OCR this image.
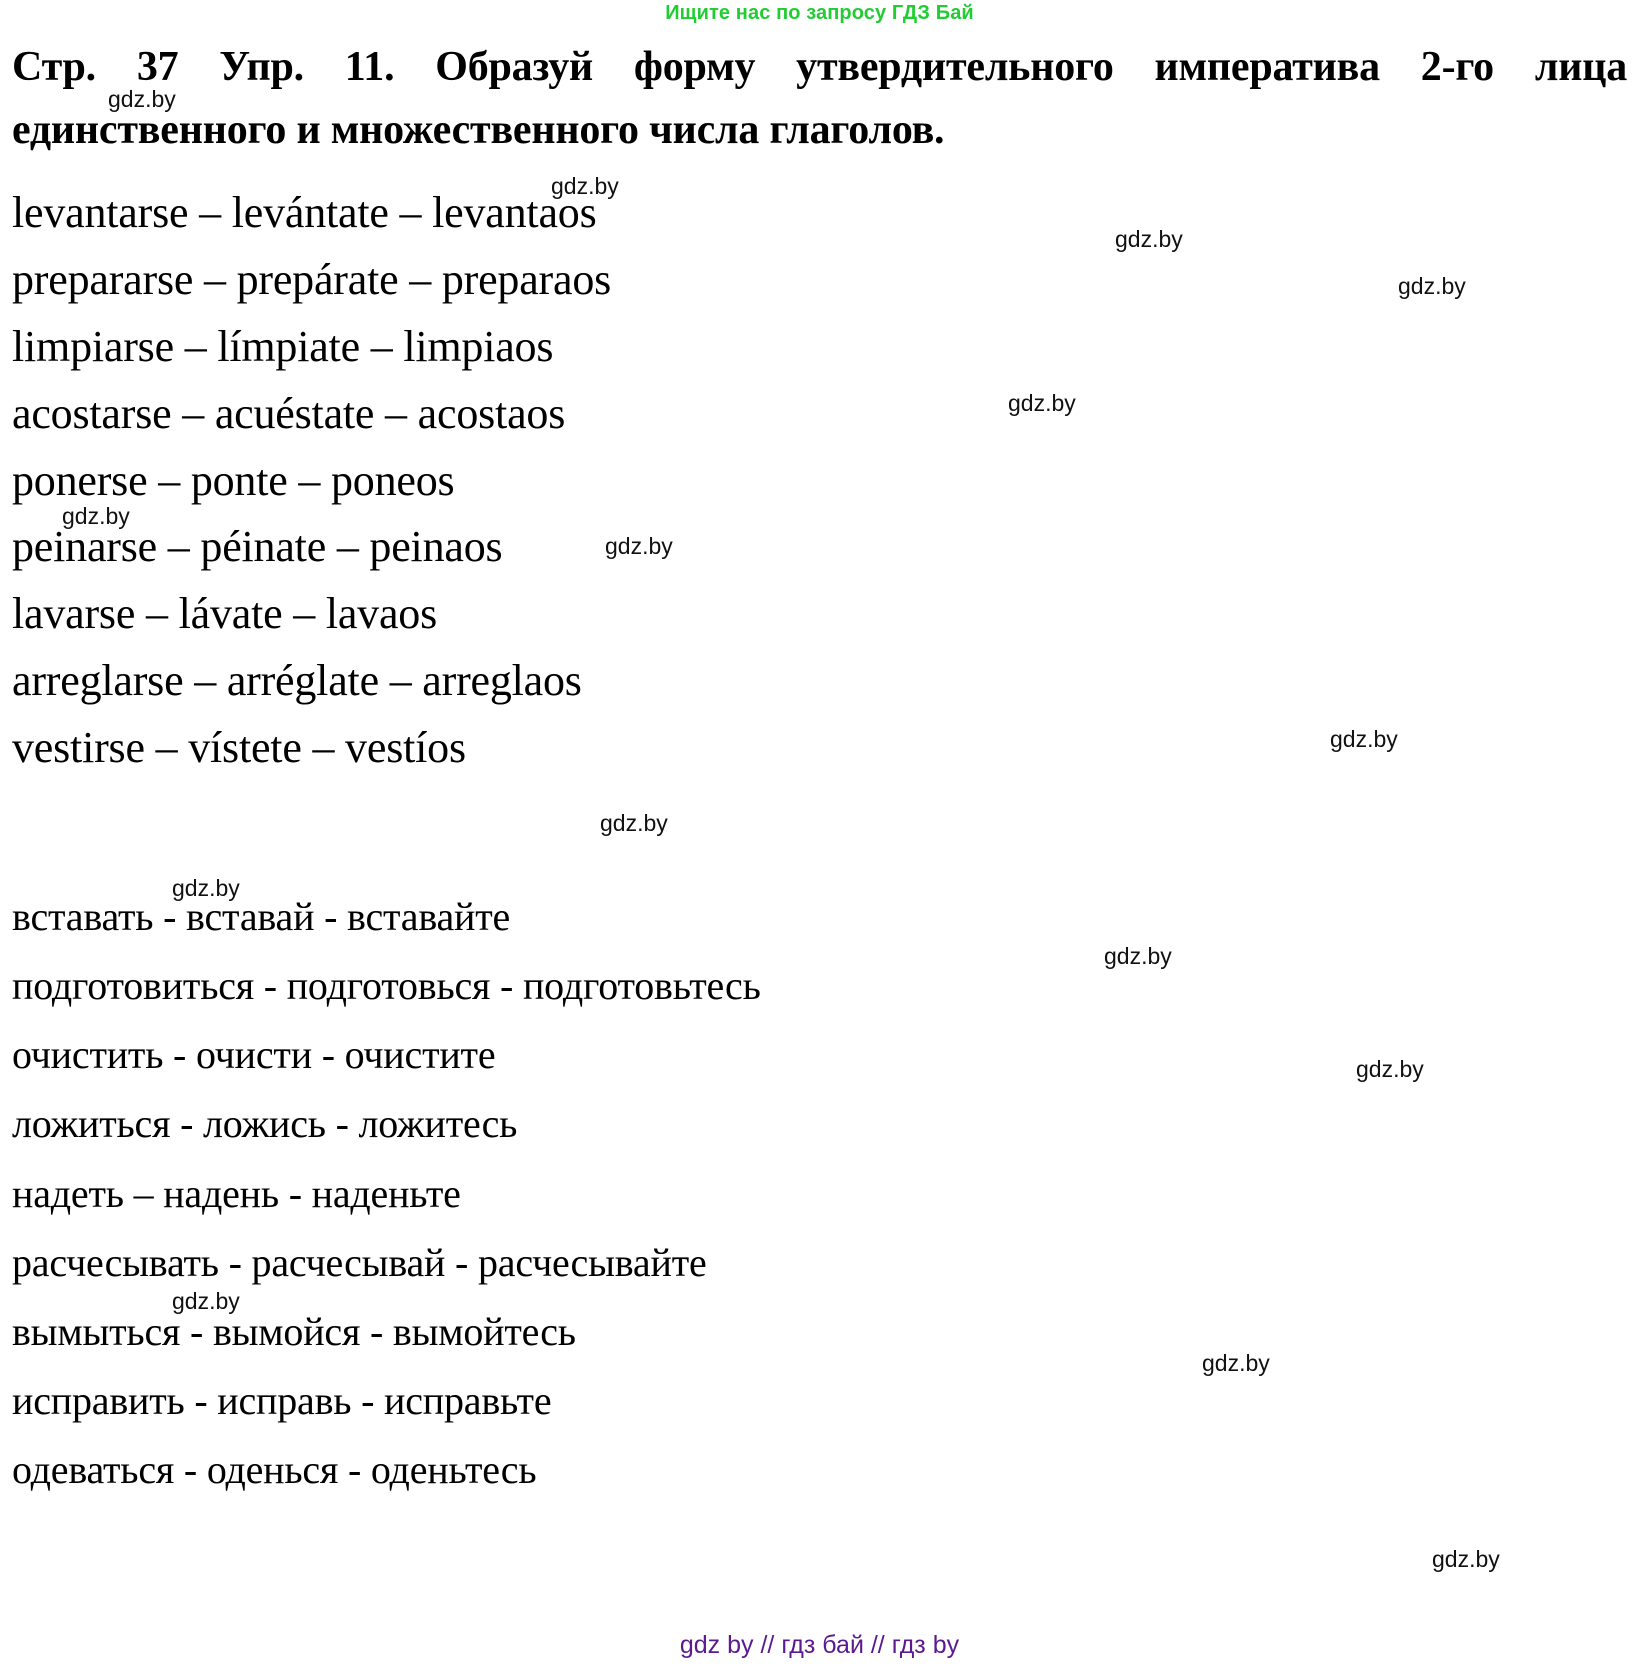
Ищите нас по запросу ГДЗ Бай

Стр. 37 Упр. 11. Образуй форму утвердительного императива 2-го лица единственного и множественного числа глаголов.

levantarse – levántate – levantaos
prepararse – prepárate – preparaos
limpiarse – límpiate – limpiaos
acostarse – acuéstate – acostaos
ponerse – ponte – poneos
peinarse – péinate – peinaos
lavarse – lávate – lavaos
arreglarse – arréglate – arreglaos
vestirse – vístete – vestíos
вставать - вставай - вставайте
подготовиться - подготовься - подготовьтесь
очистить - очисти - очистите
ложиться - ложись - ложитесь
надеть – надень - наденьте
расчесывать - расчесывай - расчесывайте
вымыться - вымойся - вымойтесь
исправить - исправь - исправьте
одеваться - оденься - оденьтесь
gdz.by
gdz.by
gdz.by
gdz.by
gdz.by
gdz.by
gdz.by
gdz.by
gdz.by
gdz.by
gdz.by
gdz.by
gdz.by
gdz.by
gdz.by
gdz by // гдз бай // гдз by
